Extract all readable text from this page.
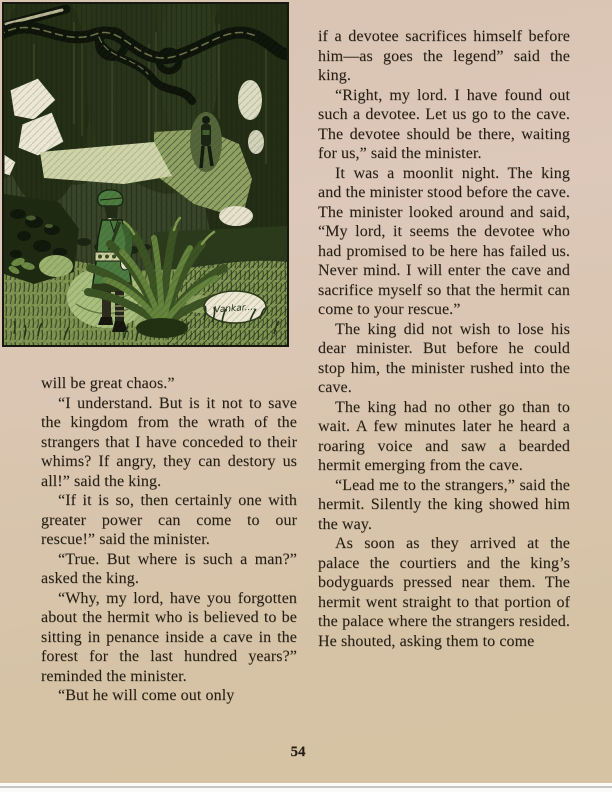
Vankar....

will be great chaos.”

“I understand. But is it not to save the kingdom from the wrath of the strangers that I have conceded to their whims? If angry, they can destory us all!” said the king.

“If it is so, then certainly one with greater power can come to our rescue!” said the minister.

“True. But where is such a man?” asked the king.

“Why, my lord, have you forgotten about the hermit who is believed to be sitting in penance inside a cave in the forest for the last hundred years?” reminded the minister.

“But he will come out only

if a devotee sacrifices himself before him—as goes the legend” said the king.

“Right, my lord. I have found out such a devotee. Let us go to the cave. The devotee should be there, waiting for us,” said the minister.

It was a moonlit night. The king and the minister stood before the cave. The minister looked around and said, “My lord, it seems the devotee who had promised to be here has failed us. Never mind. I will enter the cave and sacrifice myself so that the hermit can come to your rescue.”

The king did not wish to lose his dear minister. But before he could stop him, the minister rushed into the cave.

The king had no other go than to wait. A few minutes later he heard a roaring voice and saw a bearded hermit emerging from the cave.

“Lead me to the strangers,” said the hermit. Silently the king showed him the way.

As soon as they arrived at the palace the courtiers and the king’s bodyguards pressed near them. The hermit went straight to that portion of the palace where the strangers resided. He shouted, asking them to come

54
